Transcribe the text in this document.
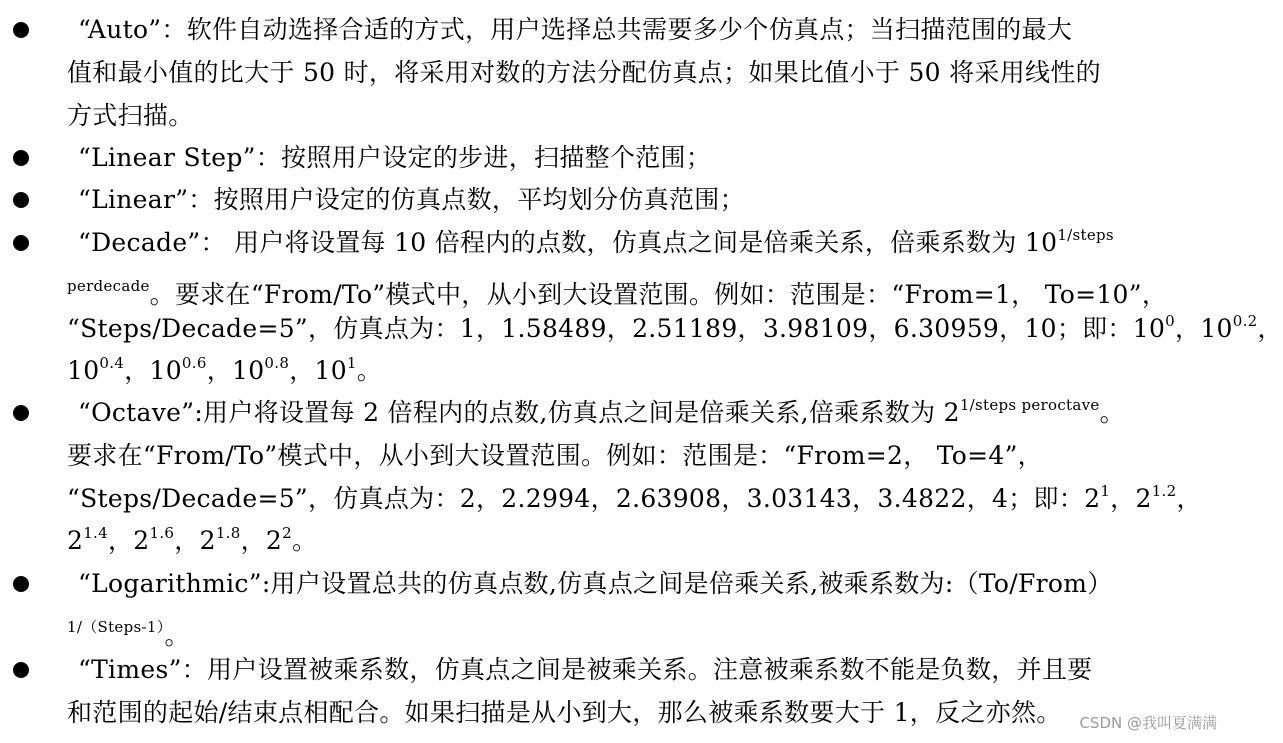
“Auto”：软件自动选择合适的方式，用户选择总共需要多少个仿真点；当扫描范围的最大
值和最小值的比大于 50 时，将采用对数的方法分配仿真点；如果比值小于 50 将采用线性的
方式扫描。
“Linear Step”：按照用户设定的步进，扫描整个范围；
“Linear”：按照用户设定的仿真点数，平均划分仿真范围；
“Decade”： 用户将设置每 10 倍程内的点数，仿真点之间是倍乘关系，倍乘系数为 $10^{1/steps}$
$^{perdecade}$。要求在“From/To”模式中，从小到大设置范围。例如：范围是：“From=1， To=10”，
“Steps/Decade=5”，仿真点为：1，1.58489，2.51189，3.98109，6.30959，10；即：$10^0$，$10^{0.2}$，
$10^{0.4}$，$10^{0.6}$，$10^{0.8}$，$10^1$。
“Octave”:用户将设置每 2 倍程内的点数,仿真点之间是倍乘关系,倍乘系数为 $2^{1/steps peroctave}$。
要求在“From/To”模式中，从小到大设置范围。例如：范围是：“From=2， To=4”，
“Steps/Decade=5”，仿真点为：2，2.2994，2.63908，3.03143，3.4822，4；即：$2^1$，$2^{1.2}$，
$2^{1.4}$，$2^{1.6}$，$2^{1.8}$，$2^2$。
“Logarithmic”:用户设置总共的仿真点数,仿真点之间是倍乘关系,被乘系数为:（To/From）
$^{1/(Steps-1)}$。
“Times”：用户设置被乘系数，仿真点之间是被乘关系。注意被乘系数不能是负数，并且要
和范围的起始/结束点相配合。如果扫描是从小到大，那么被乘系数要大于 1，反之亦然。 CSDN @我叫夏满满
